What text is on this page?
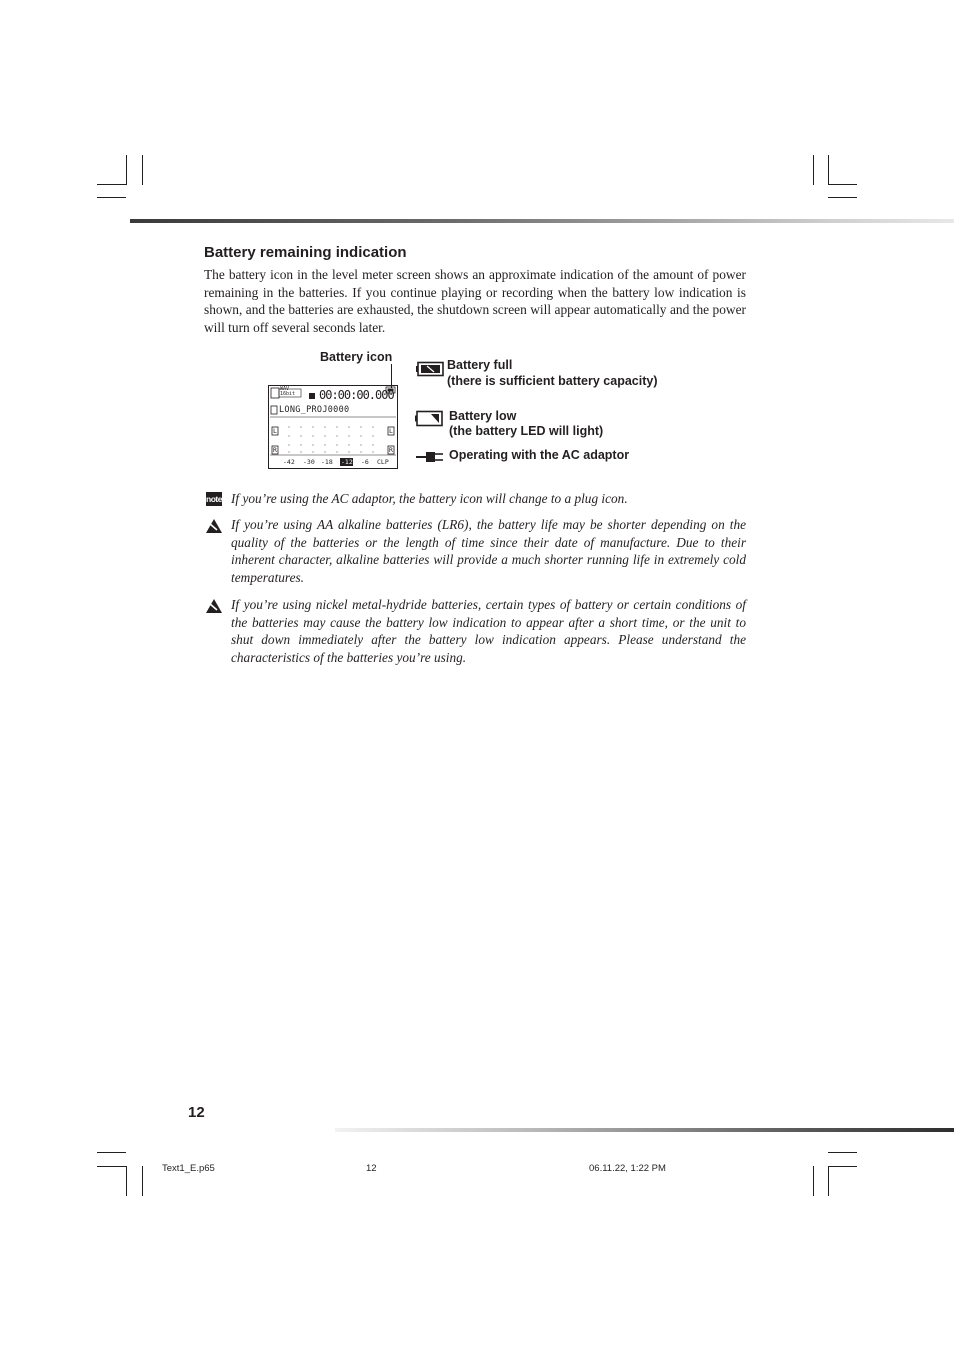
Battery remaining indication
The battery icon in the level meter screen shows an approximate indication of the amount of power remaining in the batteries. If you continue playing or recording when the battery low indication is shown, and the batteries are exhausted, the shutdown screen will appear automatically and the power will turn off several seconds later.
Battery icon
WAV
16bit 00:00:00.000
LONG_PROJ0000
L	L
R	R
-42 -30 -18 -12 -6 CLP
Battery full
(there is sufficient battery capacity)
Battery low
(the battery LED will light)
Operating with the AC adaptor
note If you’re using the AC adaptor, the battery icon will change to a plug icon.
If you’re using AA alkaline batteries (LR6), the battery life may be shorter depending on the quality of the batteries or the length of time since their date of manufacture. Due to their inherent character, alkaline batteries will provide a much shorter running life in extremely cold temperatures.
If you’re using nickel metal-hydride batteries, certain types of battery or certain conditions of the batteries may cause the battery low indication to appear after a short time, or the unit to shut down immediately after the battery low indication appears. Please understand the characteristics of the batteries you’re using.
12
Text1_E.p65	12	06.11.22, 1:22 PM
